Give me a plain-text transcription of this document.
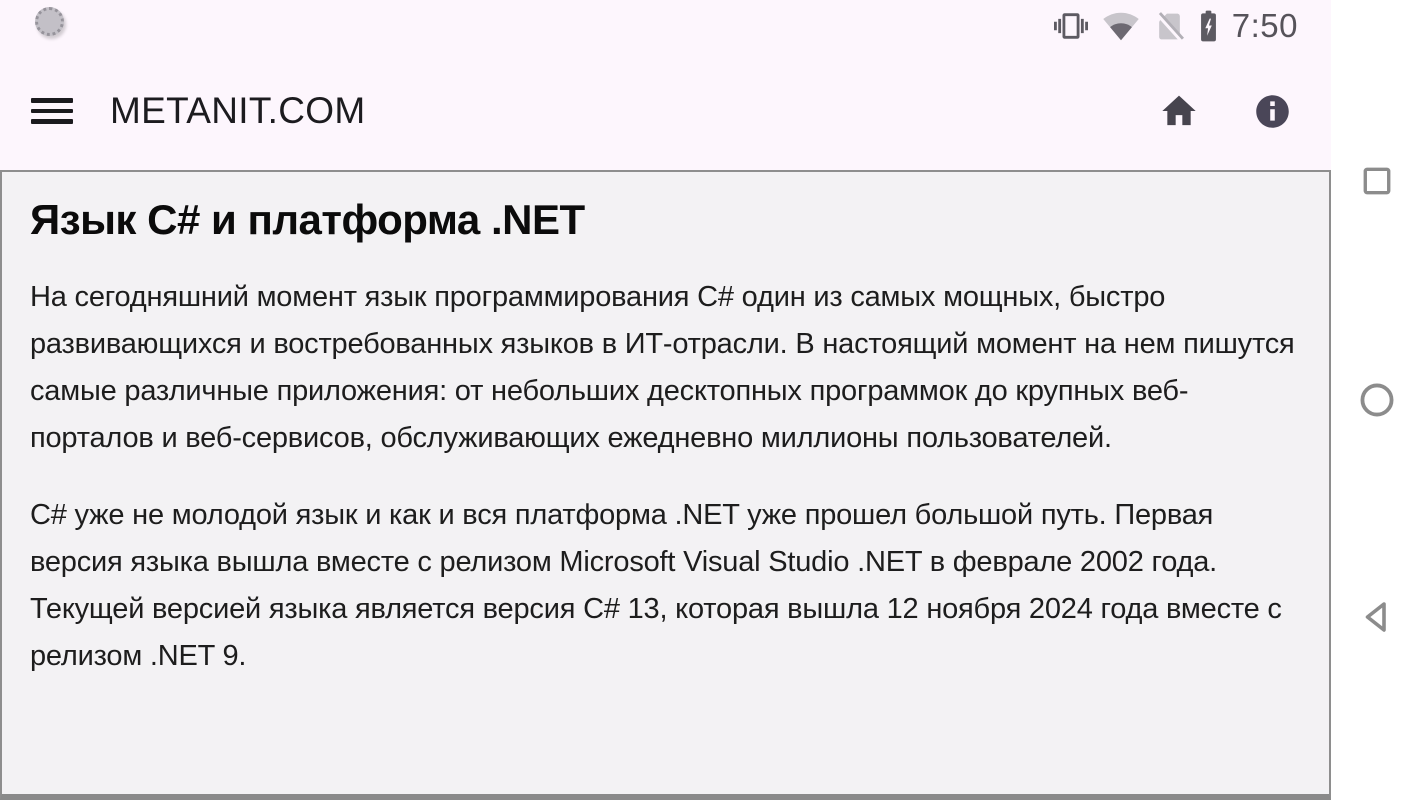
7:50
METANIT.COM
Язык C# и платформа .NET

На сегодняшний момент язык программирования C# один из самых мощных, быстро развивающихся и востребованных языков в ИТ-отрасли. В настоящий момент на нем пишутся самые различные приложения: от небольших десктопных программок до крупных веб-порталов и веб-сервисов, обслуживающих ежедневно миллионы пользователей.

C# уже не молодой язык и как и вся платформа .NET уже прошел большой путь. Первая версия языка вышла вместе с релизом Microsoft Visual Studio .NET в феврале 2002 года. Текущей версией языка является версия C# 13, которая вышла 12 ноября 2024 года вместе с релизом .NET 9.
